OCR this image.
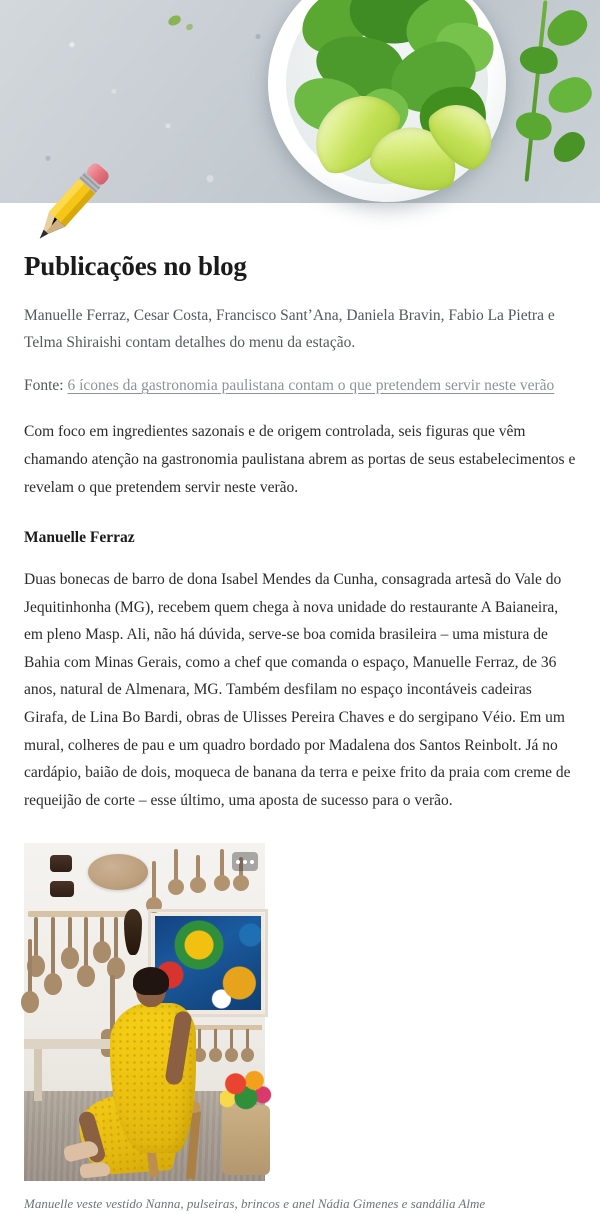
Publicações no blog

Manuelle Ferraz, Cesar Costa, Francisco Sant’Ana, Daniela Bravin, Fabio La Pietra e Telma Shiraishi contam detalhes do menu da estação.

Fonte: 6 ícones da gastronomia paulistana contam o que pretendem servir neste verão

Com foco em ingredientes sazonais e de origem controlada, seis figuras que vêm chamando atenção na gastronomia paulistana abrem as portas de seus estabelecimentos e revelam o que pretendem servir neste verão.

Manuelle Ferraz

Duas bonecas de barro de dona Isabel Mendes da Cunha, consagrada artesã do Vale do Jequitinhonha (MG), recebem quem chega à nova unidade do restaurante A Baianeira, em pleno Masp. Ali, não há dúvida, serve-se boa comida brasileira – uma mistura de Bahia com Minas Gerais, como a chef que comanda o espaço, Manuelle Ferraz, de 36 anos, natural de Almenara, MG. Também desfilam no espaço incontáveis cadeiras Girafa, de Lina Bo Bardi, obras de Ulisses Pereira Chaves e do sergipano Véio. Em um mural, colheres de pau e um quadro bordado por Madalena dos Santos Reinbolt. Já no cardápio, baião de dois, moqueca de banana da terra e peixe frito da praia com creme de requeijão de corte – esse último, uma aposta de sucesso para o verão.

Manuelle veste vestido Nanna, pulseiras, brincos e anel Nádia Gimenes e sandália Alme
